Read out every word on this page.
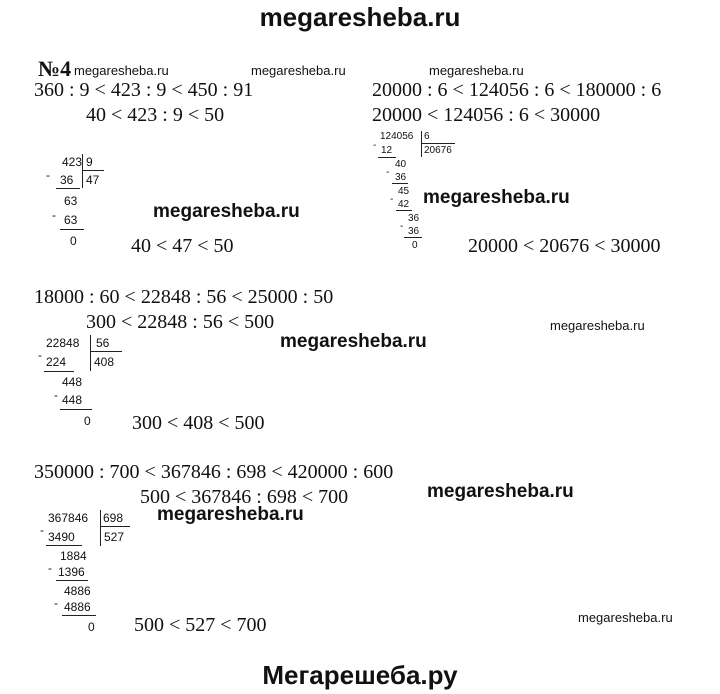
megaresheba.ru
№4 megaresheba.ru	megaresheba.ru	megaresheba.ru
megaresheba.ru
megaresheba.ru
megaresheba.ru
megaresheba.ru
megaresheba.ru
megaresheba.ru
megaresheba.ru
360 : 9 < 423 : 9 < 450 : 91
40 < 423 : 9 < 50
423 9
47
- 36
63
- 63
0	40 < 47 < 50
20000 : 6 < 124056 : 6 < 180000 : 6
20000 < 124056 : 6 < 30000
124056 6
20676
- 12
40
- 36
45
- 42
36
- 36
0	20000 < 20676 < 30000
18000 : 60 < 22848 : 56 < 25000 : 50
300 < 22848 : 56 < 500
22848 56
408
- 224
448
- 448
0 300 < 408 < 500
350000 : 700 < 367846 : 698 < 420000 : 600
500 < 367846 : 698 < 700
367846 698
527
- 3490
1884
- 1396
4886
- 4886
0 500 < 527 < 700
Мегарешеба.ру
